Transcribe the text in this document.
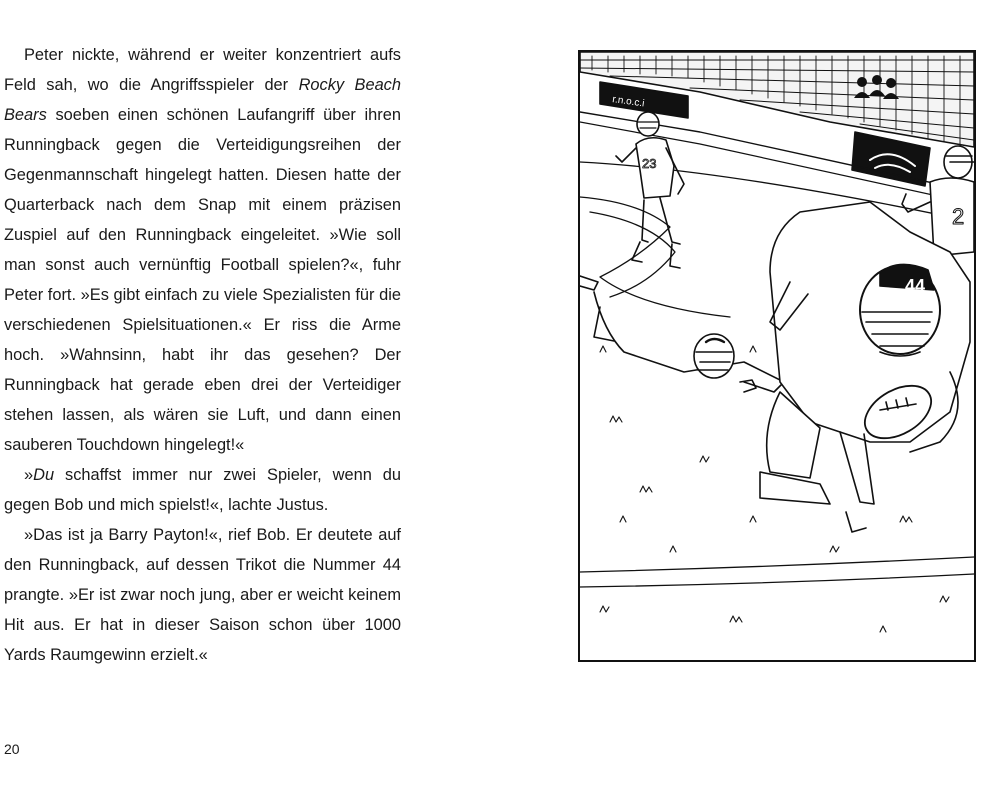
Peter nickte, während er weiter konzentriert aufs Feld sah, wo die Angriffsspieler der Rocky Beach Bears soeben einen schönen Laufangriff über ihren Runningback gegen die Verteidigungsreihen der Gegenmannschaft hingelegt hatten. Diesen hatte der Quarterback nach dem Snap mit einem präzisen Zuspiel auf den Runningback eingeleitet. »Wie soll man sonst auch vernünftig Football spielen?«, fuhr Peter fort. »Es gibt einfach zu viele Spezialisten für die verschiedenen Spielsituationen.« Er riss die Arme hoch. »Wahnsinn, habt ihr das gesehen? Der Runningback hat gerade eben drei der Verteidiger stehen lassen, als wären sie Luft, und dann einen sauberen Touchdown hingelegt!«

»Du schaffst immer nur zwei Spieler, wenn du gegen Bob und mich spielst!«, lachte Justus.

»Das ist ja Barry Payton!«, rief Bob. Er deutete auf den Runningback, auf dessen Trikot die Nummer 44 prangte. »Er ist zwar noch jung, aber er weicht keinem Hit aus. Er hat in dieser Saison schon über 1000 Yards Raumgewinn erzielt.«

20
r.n.o.c.i
23
2
44
